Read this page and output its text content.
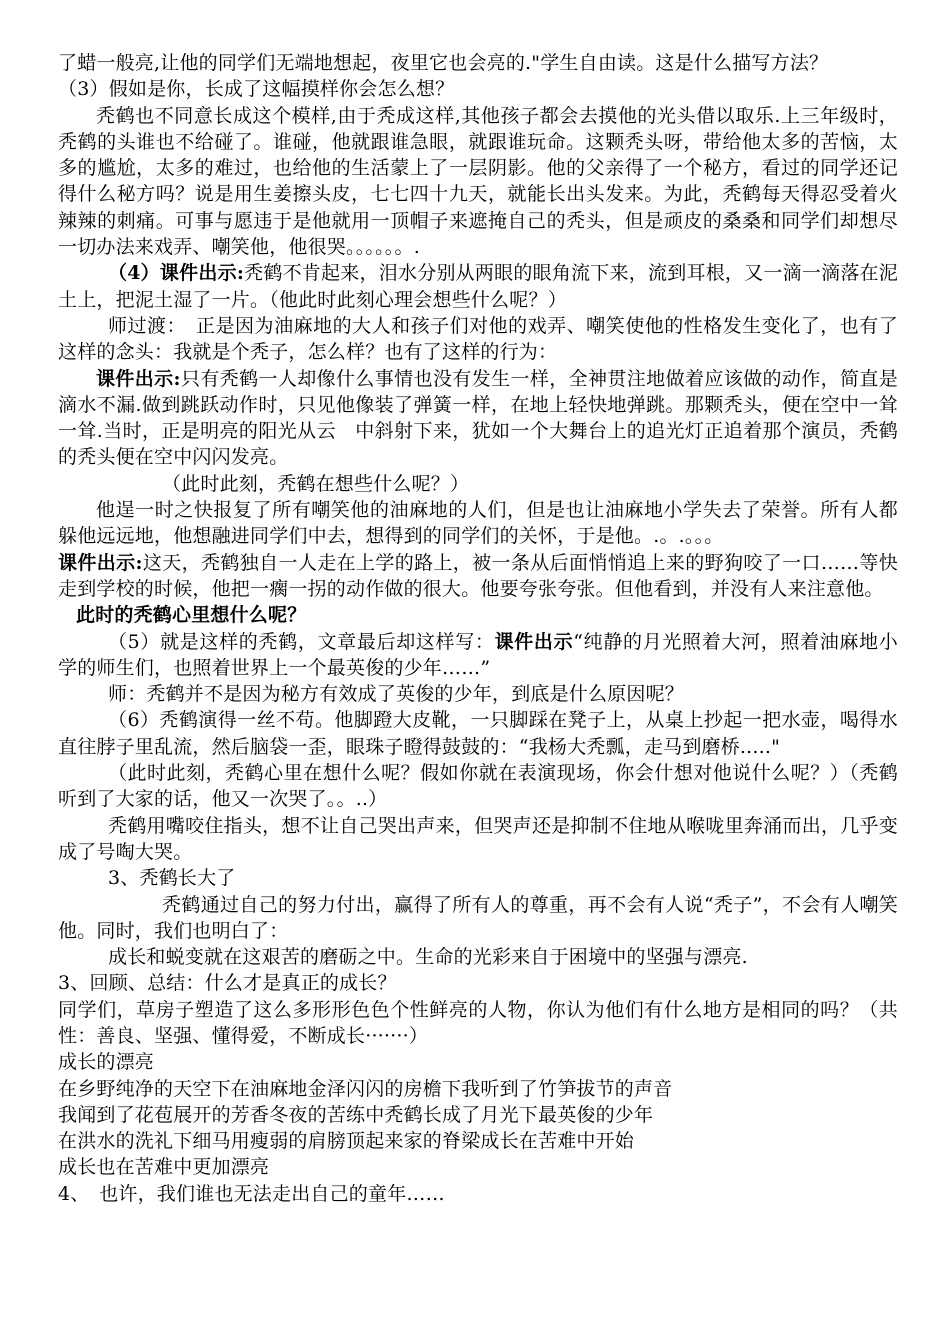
了蜡一般亮,让他的同学们无端地想起，夜里它也会亮的."学生自由读。这是什么描写方法？

（3）假如是你，长成了这幅摸样你会怎么想？

秃鹤也不同意长成这个模样,由于秃成这样,其他孩子都会去摸他的光头借以取乐.上三年级时，秃鹤的头谁也不给碰了。谁碰，他就跟谁急眼，就跟谁玩命。这颗秃头呀，带给他太多的苦恼，太多的尴尬，太多的难过，也给他的生活蒙上了一层阴影。他的父亲得了一个秘方，看过的同学还记得什么秘方吗？说是用生姜擦头皮，七七四十九天，就能长出头发来。为此，秃鹤每天得忍受着火辣辣的刺痛。可事与愿违于是他就用一顶帽子来遮掩自己的秃头，但是顽皮的桑桑和同学们却想尽一切办法来戏弄、嘲笑他，他很哭。。。。。。.

（4）课件出示:秃鹤不肯起来，泪水分别从两眼的眼角流下来，流到耳根，又一滴一滴落在泥土上，把泥土湿了一片。（他此时此刻心理会想些什么呢？）

师过渡：　正是因为油麻地的大人和孩子们对他的戏弄、嘲笑使他的性格发生变化了，也有了这样的念头：我就是个秃子，怎么样？也有了这样的行为：

课件出示:只有秃鹤一人却像什么事情也没有发生一样，全神贯注地做着应该做的动作，简直是滴水不漏.做到跳跃动作时，只见他像装了弹簧一样，在地上轻快地弹跳。那颗秃头，便在空中一耸一耸.当时，正是明亮的阳光从云　中斜射下来，犹如一个大舞台上的追光灯正追着那个演员，秃鹤的秃头便在空中闪闪发亮。

（此时此刻，秃鹤在想些什么呢？）

他逞一时之快报复了所有嘲笑他的油麻地的人们，但是也让油麻地小学失去了荣誉。所有人都躲他远远地，他想融进同学们中去，想得到的同学们的关怀，于是他。.。.。。。

课件出示:这天，秃鹤独自一人走在上学的路上，被一条从后面悄悄追上来的野狗咬了一口……等快走到学校的时候，他把一瘸一拐的动作做的很大。他要夸张夸张。但他看到，并没有人来注意他。

此时的秃鹤心里想什么呢？

（5）就是这样的秃鹤，文章最后却这样写：课件出示“纯静的月光照着大河，照着油麻地小学的师生们，也照着世界上一个最英俊的少年……”

师：秃鹤并不是因为秘方有效成了英俊的少年，到底是什么原因呢？

（6）秃鹤演得一丝不苟。他脚蹬大皮靴，一只脚踩在凳子上，从桌上抄起一把水壶，喝得水直往脖子里乱流，然后脑袋一歪，眼珠子瞪得鼓鼓的：“我杨大秃瓢，走马到磨桥....."

（此时此刻，秃鹤心里在想什么呢？假如你就在表演现场，你会什想对他说什么呢？）（秃鹤听到了大家的话，他又一次哭了。。..）

秃鹤用嘴咬住指头，想不让自己哭出声来，但哭声还是抑制不住地从喉咙里奔涌而出，几乎变成了号啕大哭。

3、秃鹤长大了

秃鹤通过自己的努力付出，赢得了所有人的尊重，再不会有人说“秃子”，不会有人嘲笑他。同时，我们也明白了：

成长和蜕变就在这艰苦的磨砺之中。生命的光彩来自于困境中的坚强与漂亮.

3、回顾、总结：什么才是真正的成长？

同学们，草房子塑造了这么多形形色色个性鲜亮的人物，你认为他们有什么地方是相同的吗？（共性：善良、坚强、懂得爱，不断成长·······）

成长的漂亮

在乡野纯净的天空下在油麻地金泽闪闪的房檐下我听到了竹笋拔节的声音

我闻到了花苞展开的芳香冬夜的苦练中秃鹤长成了月光下最英俊的少年

在洪水的洗礼下细马用瘦弱的肩膀顶起来家的脊梁成长在苦难中开始

成长也在苦难中更加漂亮

4、　也许，我们谁也无法走出自己的童年……
